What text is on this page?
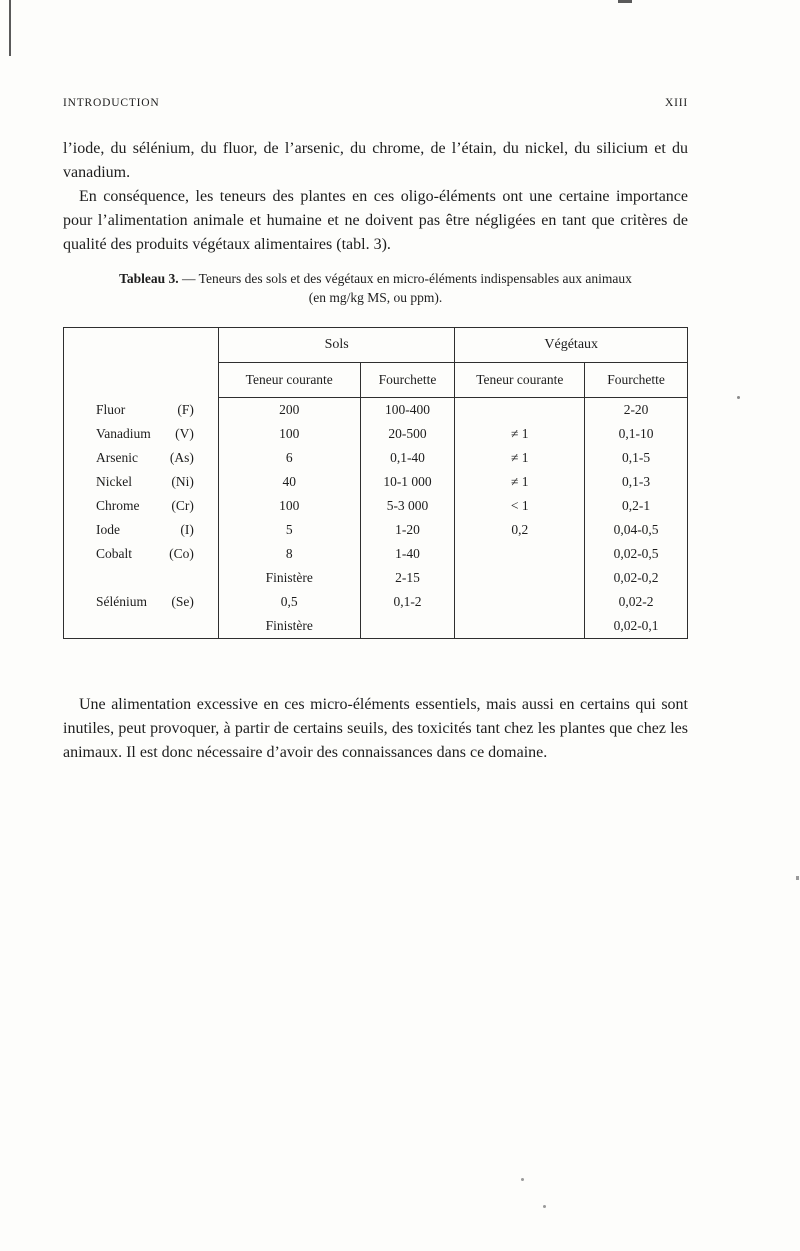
INTRODUCTION	XIII

l’iode, du sélénium, du fluor, de l’arsenic, du chrome, de l’étain, du nickel, du silicium et du vanadium.

En conséquence, les teneurs des plantes en ces oligo-éléments ont une certaine importance pour l’alimentation animale et humaine et ne doivent pas être négligées en tant que critères de qualité des produits végétaux alimentaires (tabl. 3).

Tableau 3. — Teneurs des sols et des végétaux en micro-éléments indispensables aux animaux
(en mg/kg MS, ou ppm).
	Sols		Végétaux	
	Teneur courante	Fourchette	Teneur courante	Fourchette

Fluor (F)	200	100-400		2-20

Vanadium (V)	100	20-500	≠ 1	0,1-10

Arsenic (As)	6	0,1-40	≠ 1	0,1-5

Nickel (Ni)	40	10-1 000	≠ 1	0,1-3

Chrome (Cr)	100	5-3 000	< 1	0,2-1

Iode (I)	5	1-20	0,2	0,04-0,5

Cobalt (Co)	8	1-40		0,02-0,5

	Finistère	2-15		0,02-0,2

Sélénium (Se)	0,5	0,1-2		0,02-2

	Finistère			0,02-0,1

Une alimentation excessive en ces micro-éléments essentiels, mais aussi en certains qui sont inutiles, peut provoquer, à partir de certains seuils, des toxicités tant chez les plantes que chez les animaux. Il est donc nécessaire d’avoir des connaissances dans ce domaine.
